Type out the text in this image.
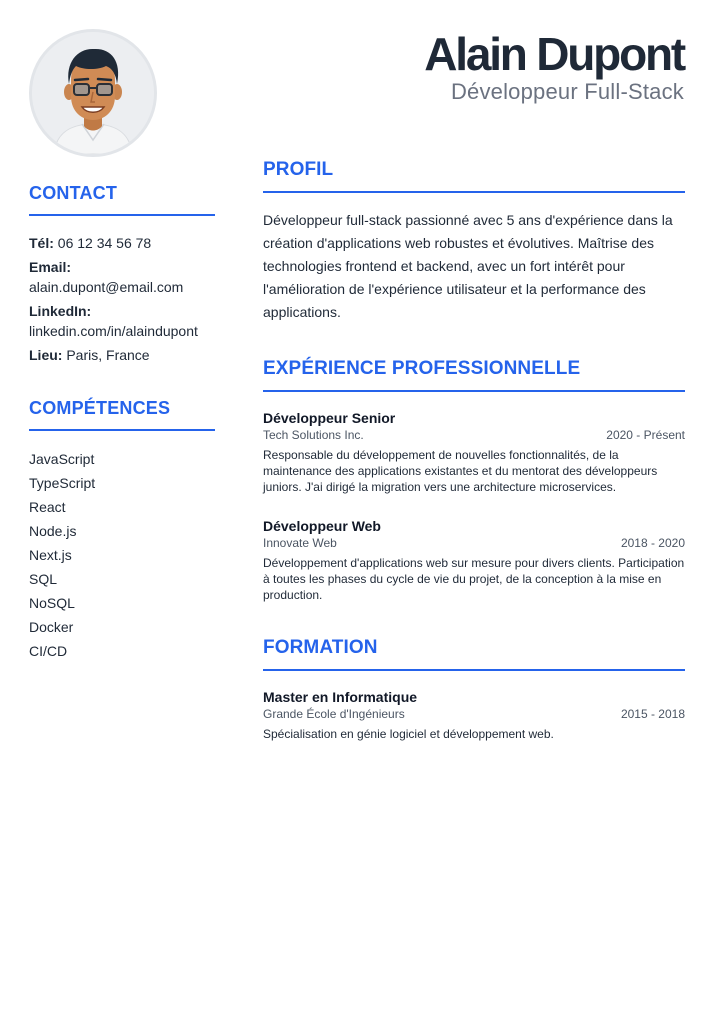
Alain Dupont
Développeur Full-Stack
CONTACT
Tél: 06 12 34 56 78
Email:
alain.dupont@email.com
LinkedIn:
linkedin.com/in/alaindupont
Lieu: Paris, France
COMPÉTENCES
JavaScript
TypeScript
React
Node.js
Next.js
SQL
NoSQL
Docker
CI/CD
PROFIL

Développeur full-stack passionné avec 5 ans d'expérience dans la création d'applications web robustes et évolutives. Maîtrise des technologies frontend et backend, avec un fort intérêt pour l'amélioration de l'expérience utilisateur et la performance des applications.

EXPÉRIENCE PROFESSIONNELLE
Développeur Senior
Tech Solutions Inc.	2020 - Présent

Responsable du développement de nouvelles fonctionnalités, de la maintenance des applications existantes et du mentorat des développeurs juniors. J'ai dirigé la migration vers une architecture microservices.

Développeur Web
Innovate Web	2018 - 2020

Développement d'applications web sur mesure pour divers clients. Participation à toutes les phases du cycle de vie du projet, de la conception à la mise en production.

FORMATION
Master en Informatique
Grande École d'Ingénieurs	2015 - 2018

Spécialisation en génie logiciel et développement web.
